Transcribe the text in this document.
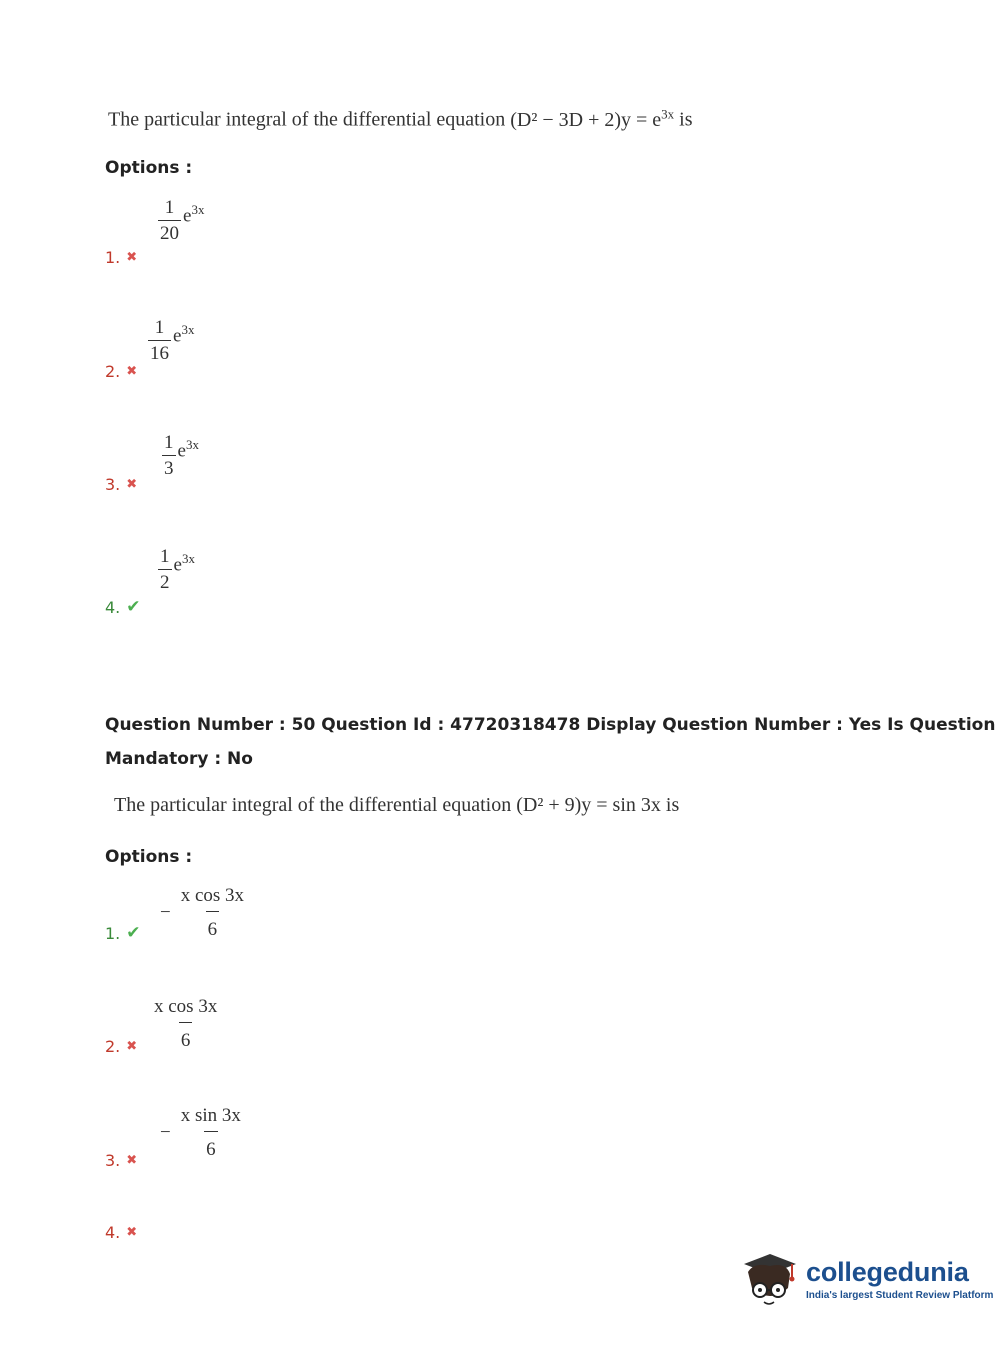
The particular integral of the differential equation $(D^2 - 3D + 2)y = e^{3x}$ is
Options :
$\frac{1}{20} e^{3x}$
1. ✖
$\frac{1}{16} e^{3x}$
2. ✖
$\frac{1}{3} e^{3x}$
3. ✖
$\frac{1}{2} e^{3x}$
4. ✔
Question Number : 50 Question Id : 47720318478 Display Question Number : Yes Is Question
Mandatory : No
The particular integral of the differential equation (D² + 9)y = sin 3x is
Options :
− $\frac{\text{x cos 3x}}{6}$
1. ✔
$\frac{\text{x cos 3x}}{6}$
2. ✖
− $\frac{\text{x sin 3x}}{6}$
3. ✖
4. ✖
collegedunia
India's largest Student Review Platform
